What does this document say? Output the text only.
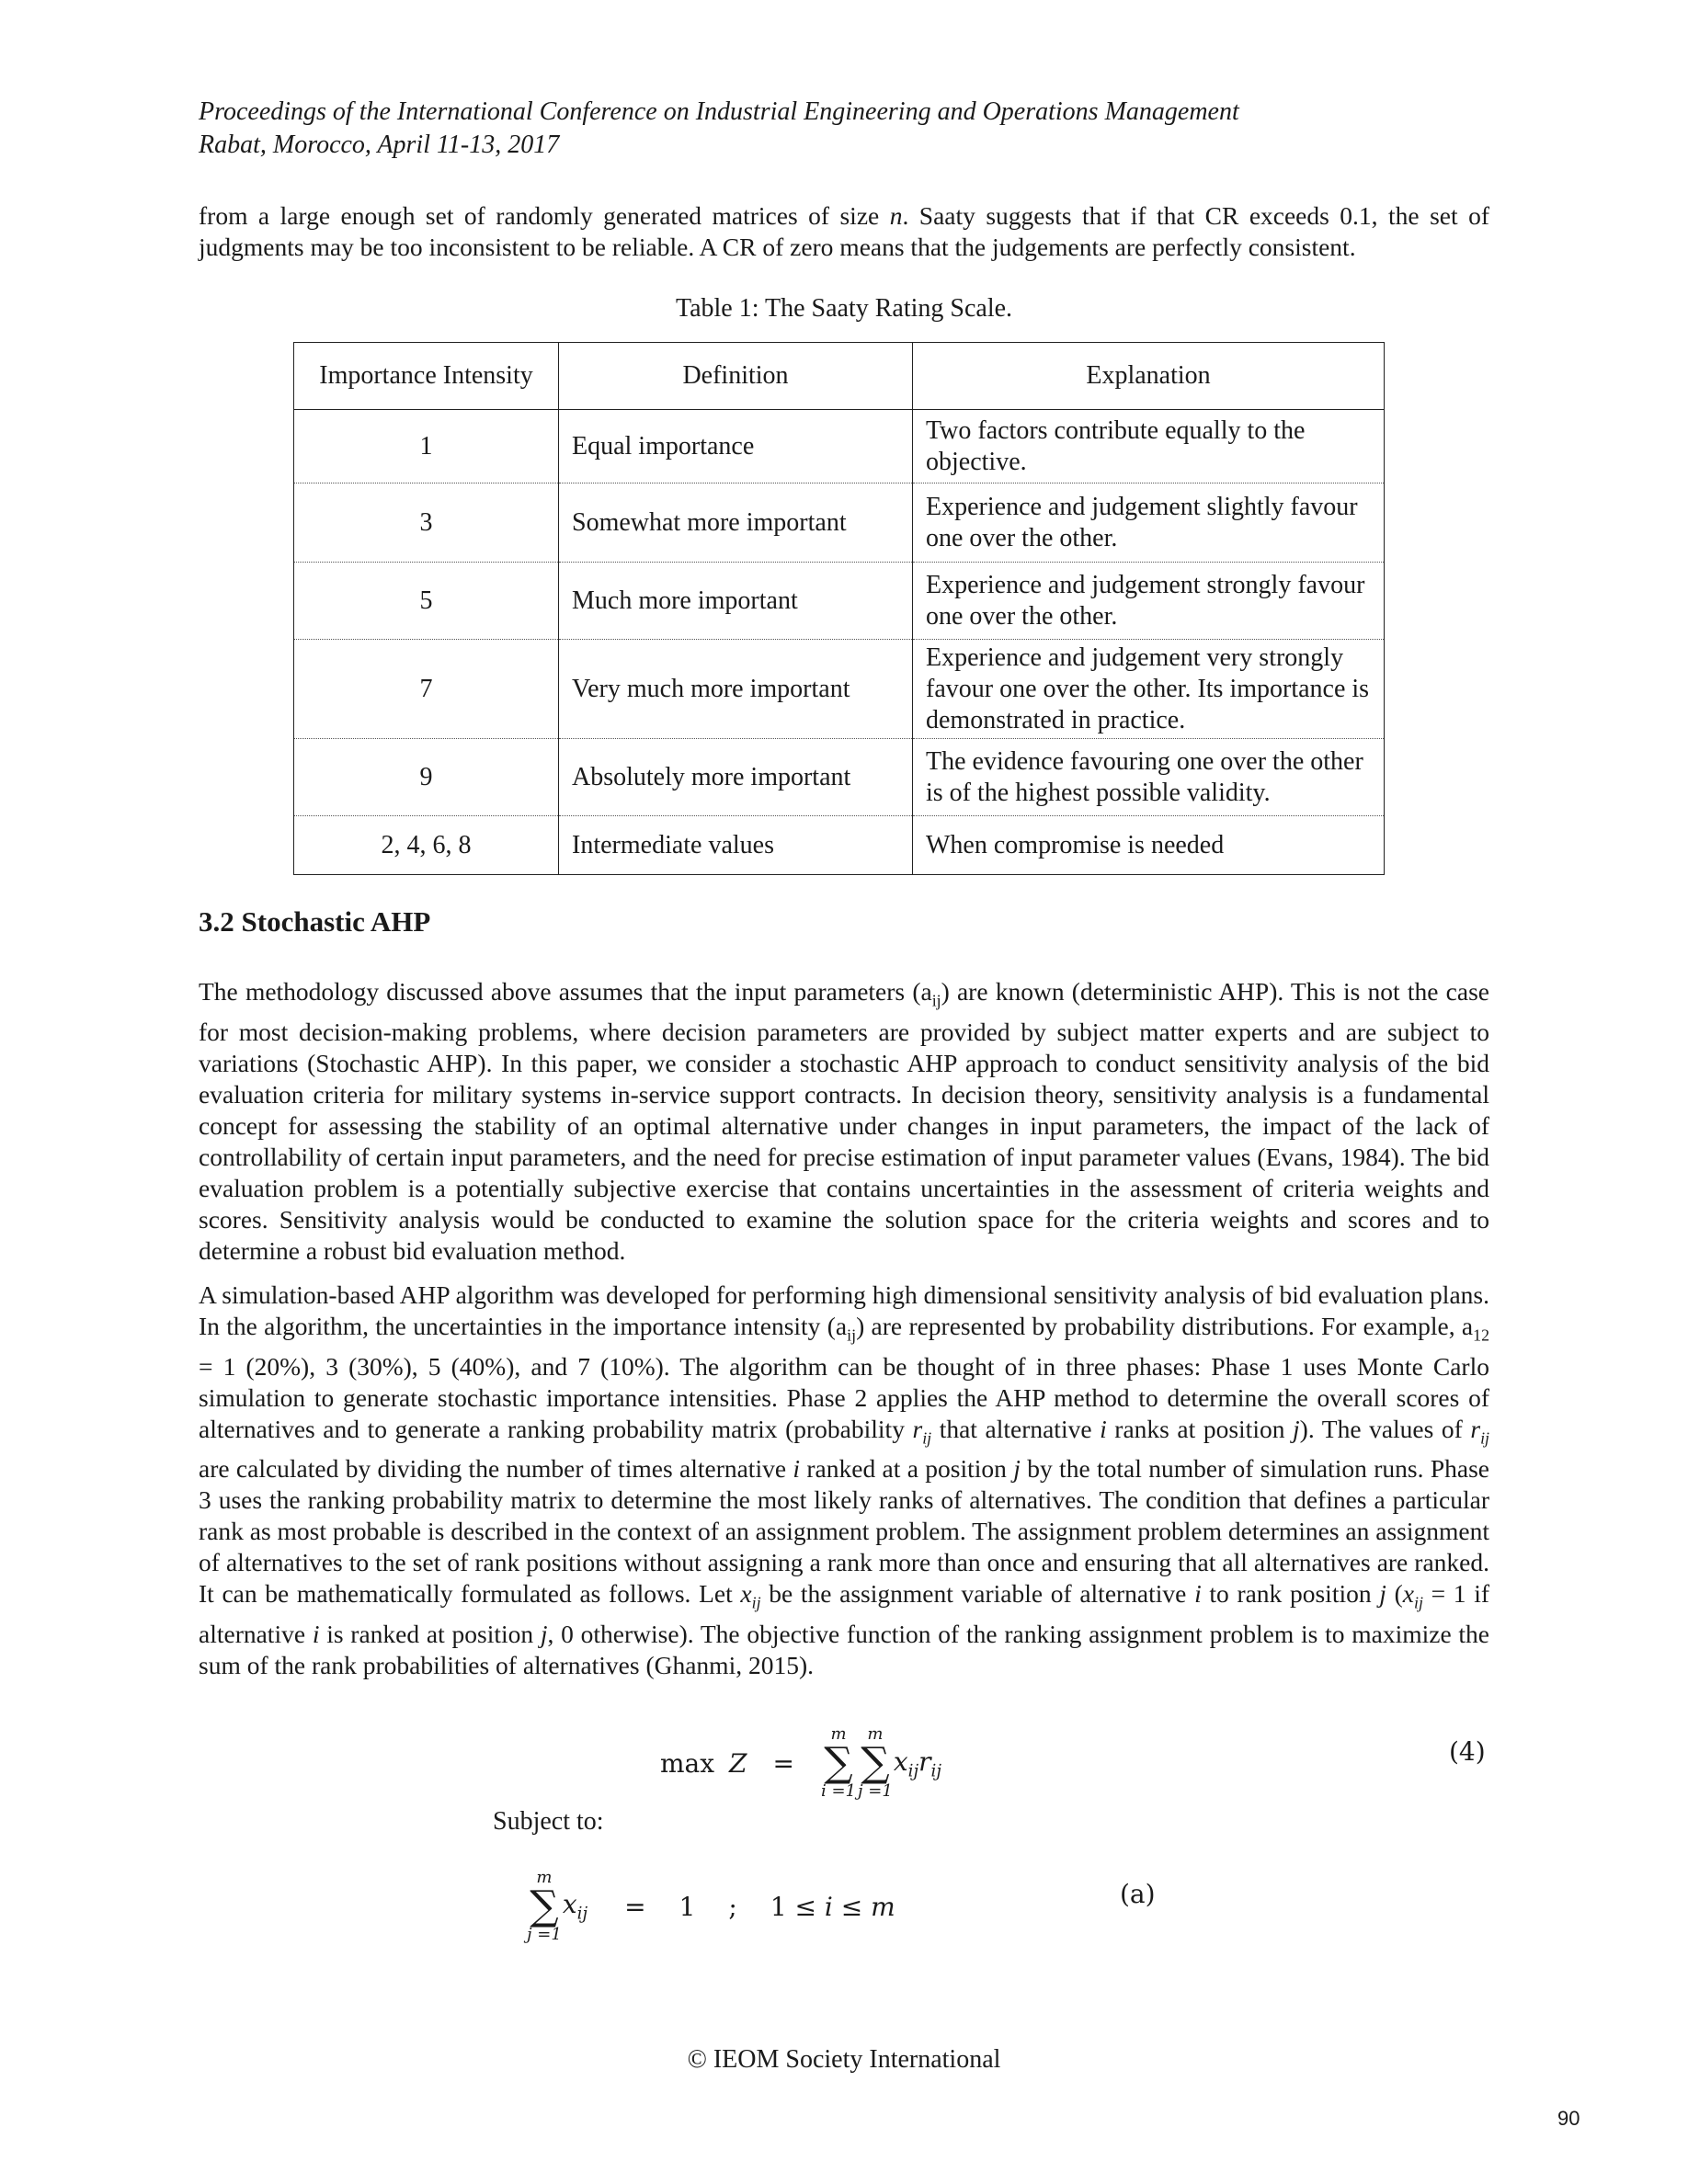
Proceedings of the International Conference on Industrial Engineering and Operations Management
Rabat, Morocco, April 11-13, 2017
from a large enough set of randomly generated matrices of size n. Saaty suggests that if that CR exceeds 0.1, the set of judgments may be too inconsistent to be reliable. A CR of zero means that the judgements are perfectly consistent.
Table 1: The Saaty Rating Scale.
Importance Intensity	Definition	Explanation
1	Equal importance	Two factors contribute equally to the objective.
3	Somewhat more important	Experience and judgement slightly favour one over the other.
5	Much more important	Experience and judgement strongly favour one over the other.
7	Very much more important	Experience and judgement very strongly favour one over the other. Its importance is demonstrated in practice.
9	Absolutely more important	The evidence favouring one over the other is of the highest possible validity.
2, 4, 6, 8	Intermediate values	When compromise is needed
3.2 Stochastic AHP
The methodology discussed above assumes that the input parameters $(a_{ij})$ are known (deterministic AHP). This is not the case for most decision-making problems, where decision parameters are provided by subject matter experts and are subject to variations (Stochastic AHP). In this paper, we consider a stochastic AHP approach to conduct sensitivity analysis of the bid evaluation criteria for military systems in-service support contracts. In decision theory, sensitivity analysis is a fundamental concept for assessing the stability of an optimal alternative under changes in input parameters, the impact of the lack of controllability of certain input parameters, and the need for precise estimation of input parameter values (Evans, 1984). The bid evaluation problem is a potentially subjective exercise that contains uncertainties in the assessment of criteria weights and scores. Sensitivity analysis would be conducted to examine the solution space for the criteria weights and scores and to determine a robust bid evaluation method.
A simulation-based AHP algorithm was developed for performing high dimensional sensitivity analysis of bid evaluation plans. In the algorithm, the uncertainties in the importance intensity $(a_{ij})$ are represented by probability distributions. For example, $a_{12} = 1$ (20%), 3 (30%), 5 (40%), and 7 (10%). The algorithm can be thought of in three phases: Phase 1 uses Monte Carlo simulation to generate stochastic importance intensities. Phase 2 applies the AHP method to determine the overall scores of alternatives and to generate a ranking probability matrix (probability $r_{ij}$ that alternative i ranks at position j). The values of $r_{ij}$ are calculated by dividing the number of times alternative i ranked at a position j by the total number of simulation runs. Phase 3 uses the ranking probability matrix to determine the most likely ranks of alternatives. The condition that defines a particular rank as most probable is described in the context of an assignment problem. The assignment problem determines an assignment of alternatives to the set of rank positions without assigning a rank more than once and ensuring that all alternatives are ranked. It can be mathematically formulated as follows. Let $x_{ij}$ be the assignment variable of alternative i to rank position j ($x_{ij} = 1$ if alternative i is ranked at position j, 0 otherwise). The objective function of the ranking assignment problem is to maximize the sum of the rank probabilities of alternatives (Ghanmi, 2015).
max Z =
m
∑
i =1
m
∑
j =1
$x_{ij}r_{ij}$
(4)
Subject to:
m
∑
j =1
$x_{ij} = 1$ ; 1 ≤ i ≤ m	(a)
© IEOM Society International
90
